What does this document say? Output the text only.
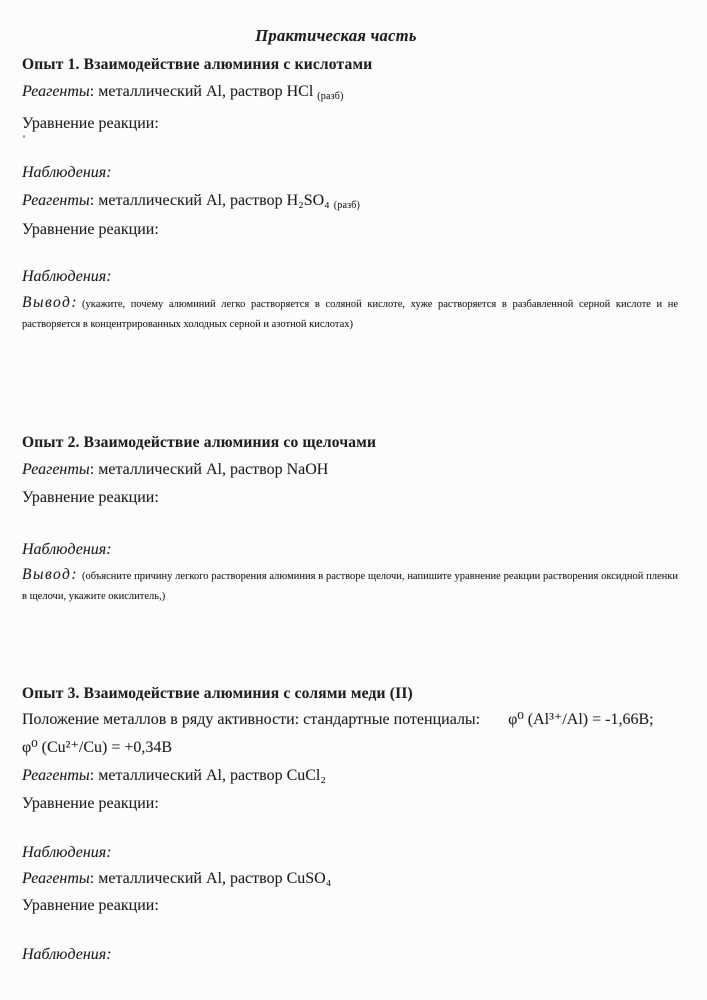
Практическая часть
Опыт 1. Взаимодействие алюминия с кислотами
Реагенты: металлический Al, раствор HCl (разб)
Уравнение реакции:
Наблюдения:
Реагенты: металлический Al, раствор H₂SO₄ (разб)
Уравнение реакции:
Наблюдения:
Вывод: (укажите, почему алюминий легко растворяется в соляной кислоте, хуже растворяется в разбавленной серной кислоте и не растворяется в концентрированных холодных серной и азотной кислотах)
Опыт 2. Взаимодействие алюминия со щелочами
Реагенты: металлический Al, раствор NaOH
Уравнение реакции:
Наблюдения:
Вывод: (объясните причину легкого растворения алюминия в растворе щелочи, напишите уравнение реакции растворения оксидной пленки в щелочи, укажите окислитель,)
Опыт 3. Взаимодействие алюминия с солями меди (II)
Положение металлов в ряду активности: стандартные потенциалы: φ⁰ (Al³⁺/Al) = -1,66В;
φ⁰ (Cu²⁺/Cu) = +0,34В
Реагенты: металлический Al, раствор CuCl₂
Уравнение реакции:
Наблюдения:
Реагенты: металлический Al, раствор CuSO₄
Уравнение реакции:
Наблюдения:
